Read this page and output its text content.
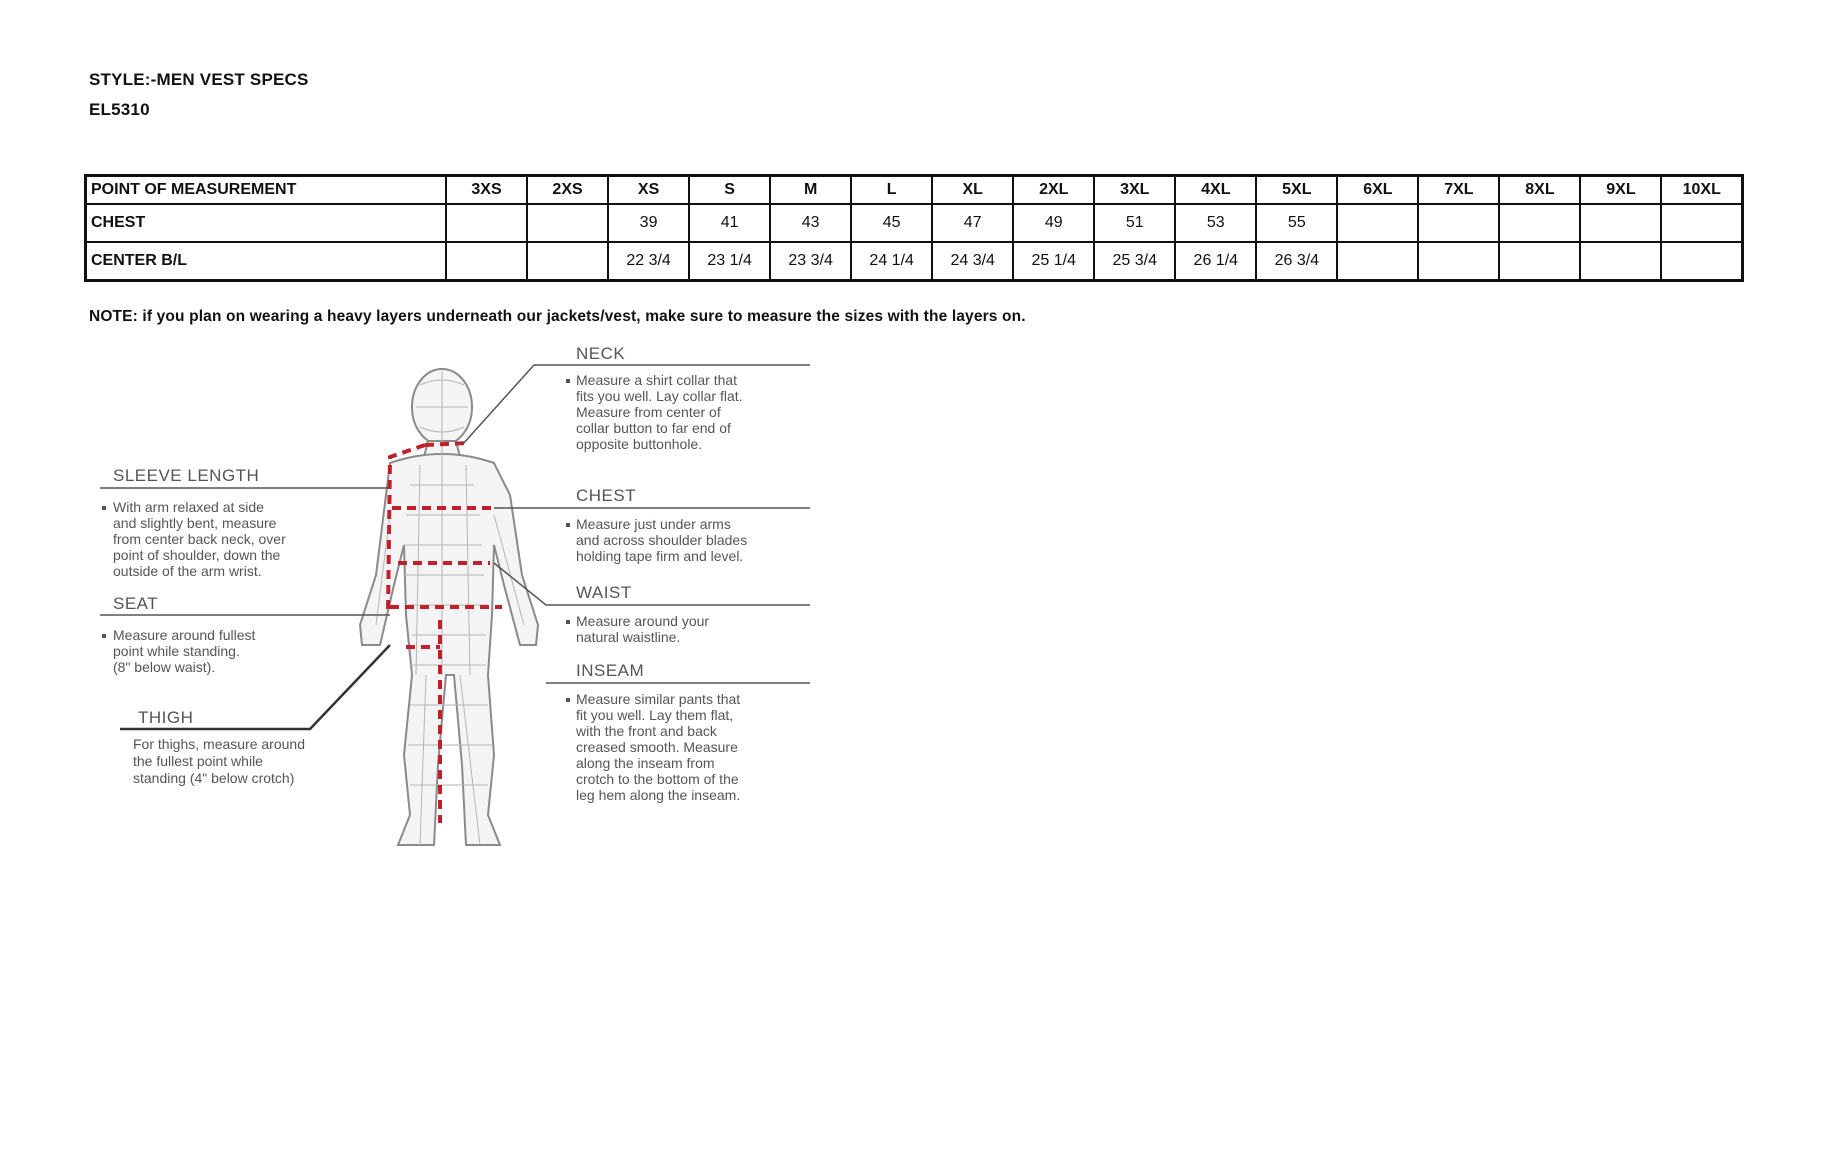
STYLE:-MEN VEST SPECS
EL5310
POINT OF MEASUREMENT	3XS	2XS	XS	S	M	L	XL	2XL	3XL	4XL	5XL	6XL	7XL	8XL	9XL	10XL
CHEST			39	41	43	45	47	49	51	53	55					
CENTER B/L			22 3/4	23 1/4	23 3/4	24 1/4	24 3/4	25 1/4	25 3/4	26 1/4	26 3/4					
NOTE: if you plan on wearing a heavy layers underneath our jackets/vest, make sure to measure the sizes with the layers on.
NECK
Measure a shirt collar that fits you well. Lay collar flat. Measure from center of collar button to far end of opposite buttonhole.
CHEST
Measure just under arms and across shoulder blades holding tape firm and level.
WAIST
Measure around your natural waistline.
INSEAM
Measure similar pants that fit you well. Lay them flat, with the front and back creased smooth. Measure along the inseam from crotch to the bottom of the leg hem along the inseam.
SLEEVE LENGTH
With arm relaxed at side and slightly bent, measure from center back neck, over point of shoulder, down the outside of the arm wrist.
SEAT
Measure around fullest point while standing. (8" below waist).
THIGH
For thighs, measure around the fullest point while standing (4" below crotch)
